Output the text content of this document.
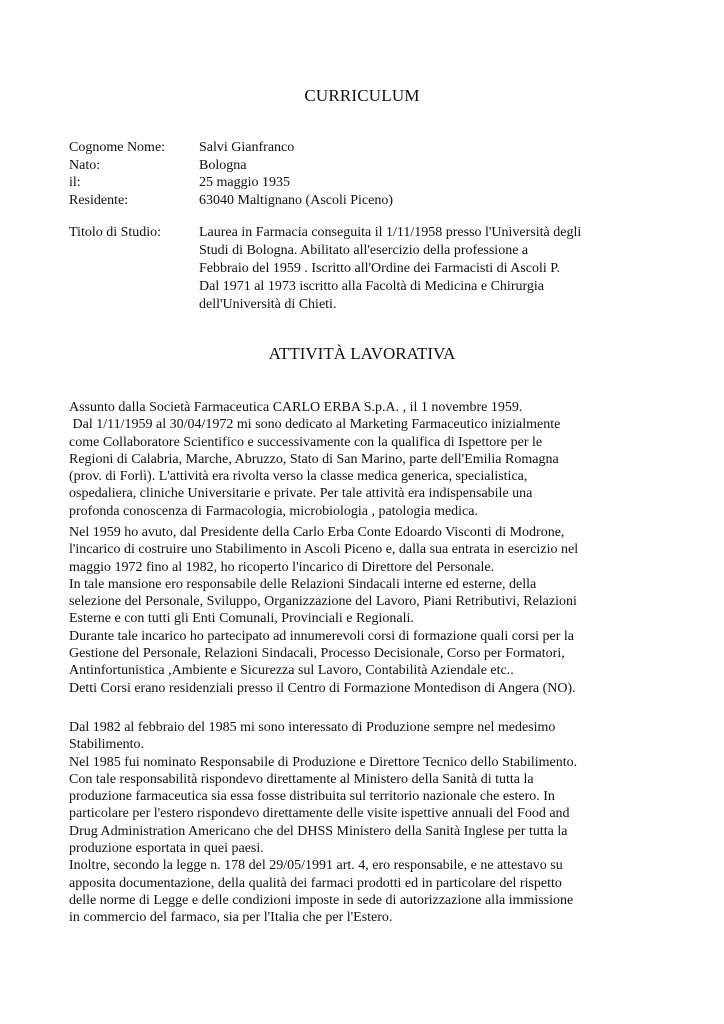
CURRICULUM
Cognome Nome:	Salvi Gianfranco
Nato:	Bologna
il:	25 maggio 1935
Residente:	63040 Maltignano (Ascoli Piceno)
Titolo di Studio:	Laurea in Farmacia conseguita il 1/11/1958 presso l'Università degli
Studi di Bologna. Abilitato all'esercizio della professione a
Febbraio del 1959 . Iscritto all'Ordine dei Farmacisti di Ascoli P.
Dal 1971 al 1973 iscritto alla Facoltà di Medicina e Chirurgia
dell'Università di Chieti.
ATTIVITÀ LAVORATIVA
Assunto dalla Società Farmaceutica CARLO ERBA S.p.A. , il 1 novembre 1959.
Dal 1/11/1959 al 30/04/1972 mi sono dedicato al Marketing Farmaceutico inizialmente
come Collaboratore Scientifico e successivamente con la qualifica di Ispettore per le
Regioni di Calabria, Marche, Abruzzo, Stato di San Marino, parte dell'Emilia Romagna
(prov. di Forlì). L'attività era rivolta verso la classe medica generica, specialistica,
ospedaliera, cliniche Universitarie e private. Per tale attività era indispensabile una
profonda conoscenza di Farmacologia, microbiologia , patologia medica.
Nel 1959 ho avuto, dal Presidente della Carlo Erba Conte Edoardo Visconti di Modrone,
l'incarico di costruire uno Stabilimento in Ascoli Piceno e, dalla sua entrata in esercizio nel
maggio 1972 fino al 1982, ho ricoperto l'incarico di Direttore del Personale.
In tale mansione ero responsabile delle Relazioni Sindacali interne ed esterne, della
selezione del Personale, Sviluppo, Organizzazione del Lavoro, Piani Retributivi, Relazioni
Esterne e con tutti gli Enti Comunali, Provinciali e Regionali.
Durante tale incarico ho partecipato ad innumerevoli corsi di formazione quali corsi per la
Gestione del Personale, Relazioni Sindacali, Processo Decisionale, Corso per Formatori,
Antinfortunistica ,Ambiente e Sicurezza sul Lavoro, Contabilità Aziendale etc..
Detti Corsi erano residenziali presso il Centro di Formazione Montedison di Angera (NO).
Dal 1982 al febbraio del 1985 mi sono interessato di Produzione sempre nel medesimo
Stabilimento.
Nel 1985 fui nominato Responsabile di Produzione e Direttore Tecnico dello Stabilimento.
Con tale responsabilità rispondevo direttamente al Ministero della Sanità di tutta la
produzione farmaceutica sia essa fosse distribuita sul territorio nazionale che estero. In
particolare per l'estero rispondevo direttamente delle visite ispettive annuali del Food and
Drug Administration Americano che del DHSS Ministero della Sanità Inglese per tutta la
produzione esportata in quei paesi.
Inoltre, secondo la legge n. 178 del 29/05/1991 art. 4, ero responsabile, e ne attestavo su
apposita documentazione, della qualità dei farmaci prodotti ed in particolare del rispetto
delle norme di Legge e delle condizioni imposte in sede di autorizzazione alla immissione
in commercio del farmaco, sia per l'Italia che per l'Estero.
